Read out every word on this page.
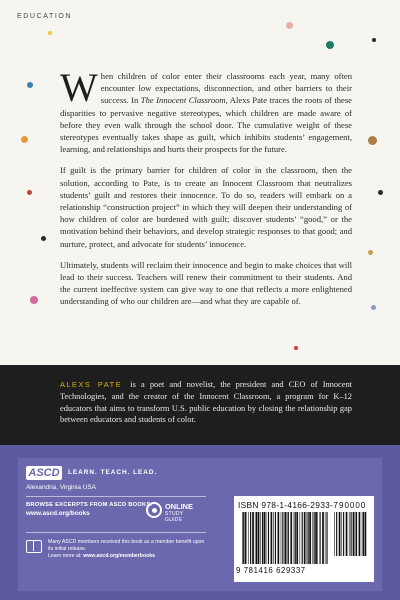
EDUCATION

When children of color enter their classrooms each year, many often encounter low expectations, disconnection, and other barriers to their success. In The Innocent Classroom, Alexs Pate traces the roots of these disparities to pervasive negative stereotypes, which children are made aware of before they even walk through the school door. The cumulative weight of these stereotypes eventually takes shape as guilt, which inhibits students’ engagement, learning, and relationships and hurts their prospects for the future.

If guilt is the primary barrier for children of color in the classroom, then the solution, according to Pate, is to create an Innocent Classroom that neutralizes students’ guilt and restores their innocence. To do so, readers will embark on a relationship “construction project” in which they will deepen their understanding of how children of color are burdened with guilt; discover students’ “good,” or the motivation behind their behaviors, and develop strategic responses to that good; and nurture, protect, and advocate for students’ innocence.

Ultimately, students will reclaim their innocence and begin to make choices that will lead to their success. Teachers will renew their commitment to their students. And the current ineffective system can give way to one that reflects a more enlightened understanding of who our children are—and what they are capable of.

ALEXS PATE is a poet and novelist, the president and CEO of Innocent Technologies, and the creator of the Innocent Classroom, a program for K–12 educators that aims to transform U.S. public education by closing the relationship gap between educators and students of color.
ASCD	LEARN. TEACH. LEAD.
Alexandria, Virginia USA
BROWSE EXCERPTS FROM ASCD BOOKS:
www.ascd.org/books
ONLINE
STUDY GUIDE
Many ASCD members received this book as a member benefit upon its initial release.
Learn more at: www.ascd.org/memberbooks
ISBN 978-1-4166-2933-7 90000
9 781416 629337
